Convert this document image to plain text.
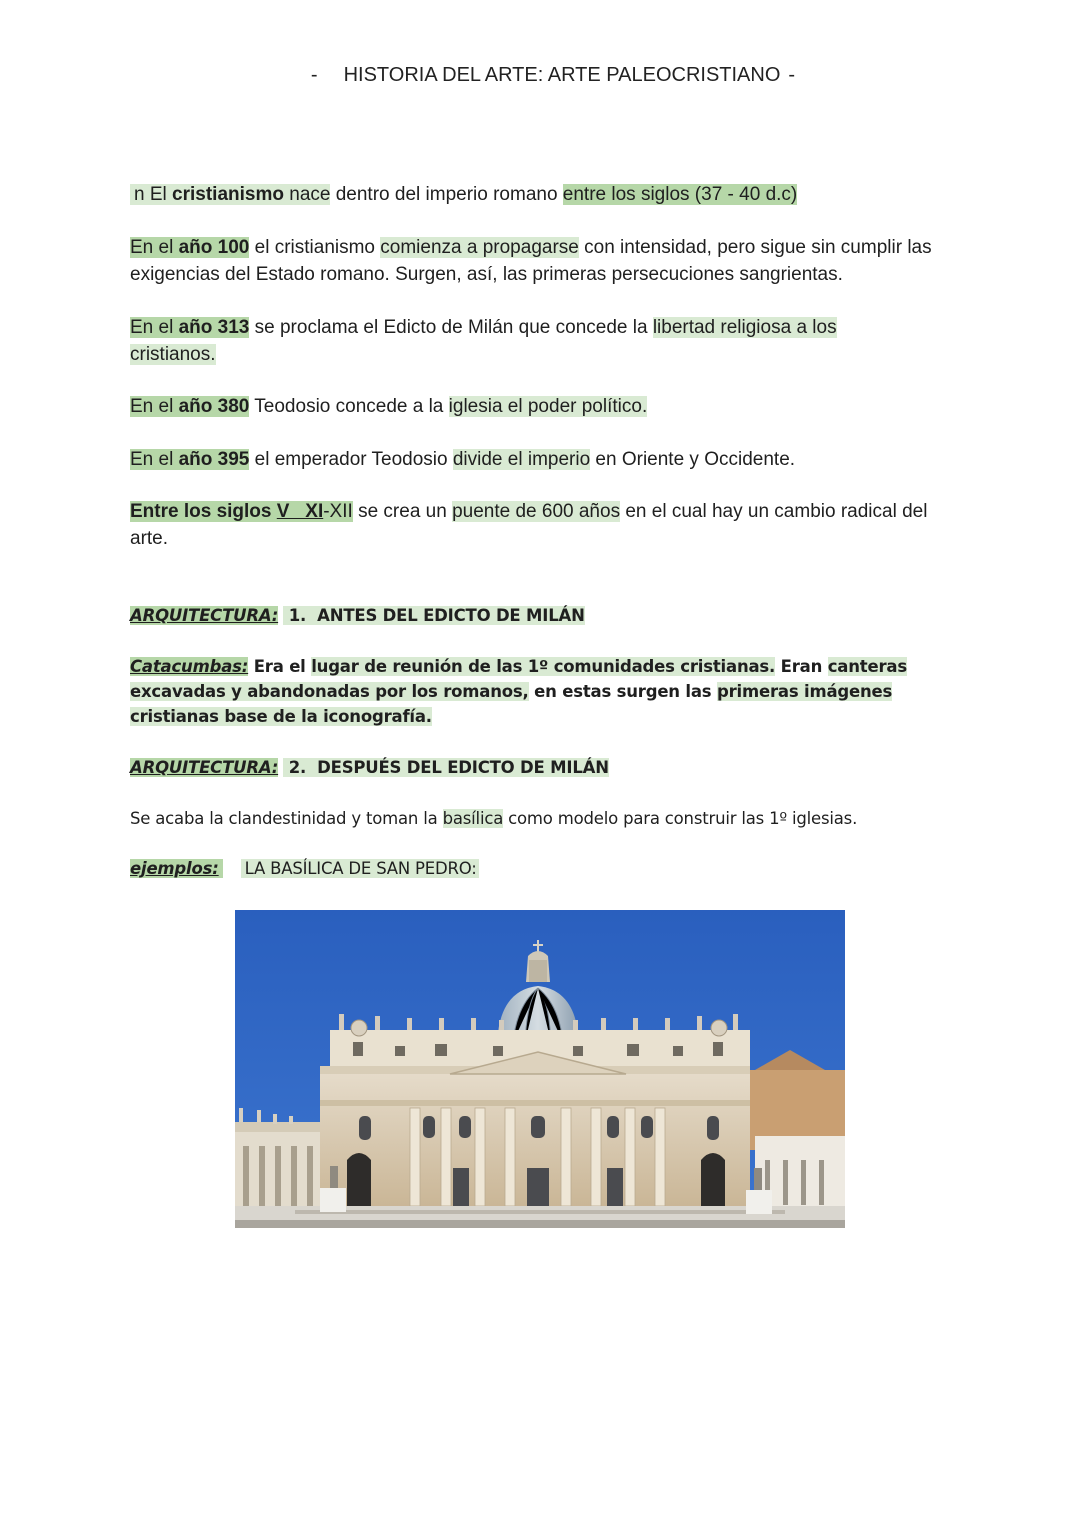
- HISTORIA DEL ARTE: ARTE PALEOCRISTIANO -
n El cristianismo nace dentro del imperio romano entre los siglos (37 - 40 d.c)
En el año 100 el cristianismo comienza a propagarse con intensidad, pero sigue sin cumplir las exigencias del Estado romano. Surgen, así, las primeras persecuciones sangrientas.
En el año 313 se proclama el Edicto de Milán que concede la libertad religiosa a los cristianos.
En el año 380 Teodosio concede a la iglesia el poder político.
En el año 395 el emperador Teodosio divide el imperio en Oriente y Occidente.
Entre los siglos V   XI-XII se crea un puente de 600 años en el cual hay un cambio radical del arte.
ARQUITECTURA:  1.  ANTES DEL EDICTO DE MILÁN
Catacumbas: Era el lugar de reunión de las 1º comunidades cristianas. Eran canteras excavadas y abandonadas por los romanos, en estas surgen las primeras imágenes cristianas base de la iconografía.
ARQUITECTURA:  2.  DESPUÉS DEL EDICTO DE MILÁN
Se acaba la clandestinidad y toman la basílica como modelo para construir las 1º iglesias.
ejemplos: LA BASÍLICA DE SAN PEDRO:
